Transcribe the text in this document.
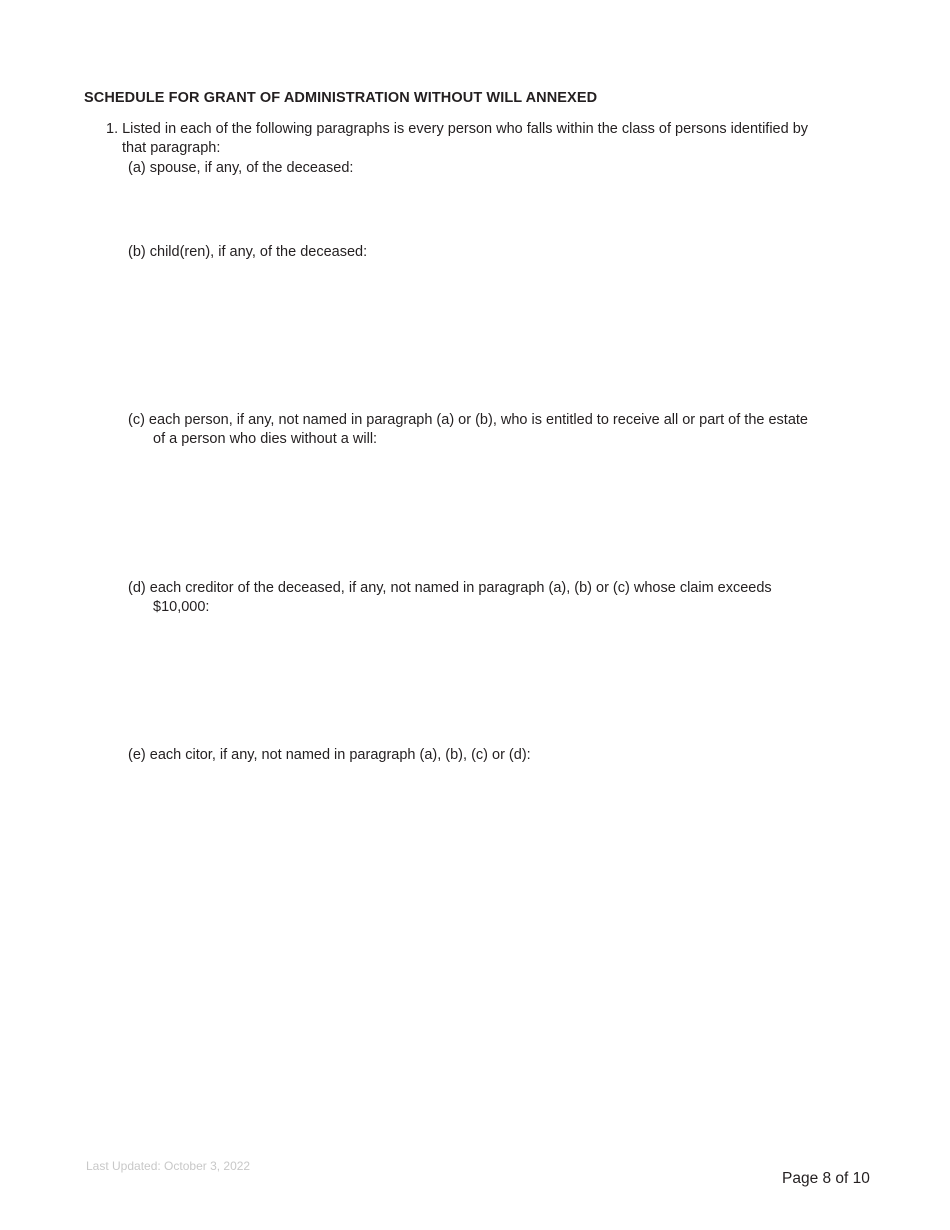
SCHEDULE FOR GRANT OF ADMINISTRATION WITHOUT WILL ANNEXED
1. Listed in each of the following paragraphs is every person who falls within the class of persons identified by
that paragraph:
(a) spouse, if any, of the deceased:
(b) child(ren), if any, of the deceased:
(c) each person, if any, not named in paragraph (a) or (b), who is entitled to receive all or part of the estate
of a person who dies without a will:
(d) each creditor of the deceased, if any, not named in paragraph (a), (b) or (c) whose claim exceeds
$10,000:
(e) each citor, if any, not named in paragraph (a), (b), (c) or (d):
Last Updated: October 3, 2022
Page 8 of 10
